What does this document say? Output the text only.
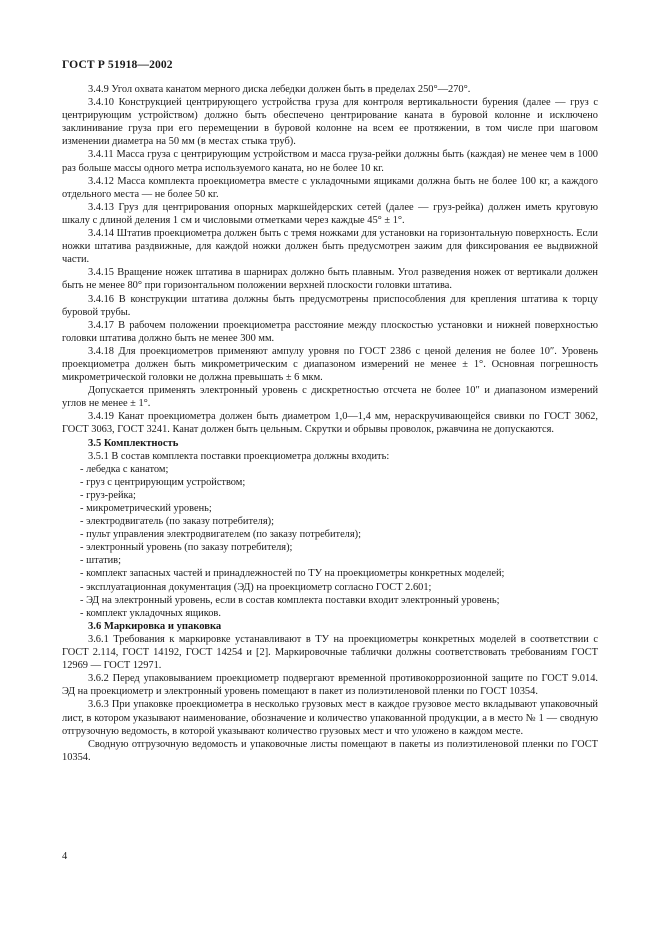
ГОСТ Р 51918—2002

3.4.9 Угол охвата канатом мерного диска лебедки должен быть в пределах 250°—270°.

3.4.10 Конструкцией центрирующего устройства груза для контроля вертикальности бурения (далее — груз с центрирующим устройством) должно быть обеспечено центрирование каната в буровой колонне и исключено заклинивание груза при его перемещении в буровой колонне на всем ее протяжении, в том числе при шаговом изменении диаметра на 50 мм (в местах стыка труб).

3.4.11 Масса груза с центрирующим устройством и масса груза-рейки должны быть (каждая) не менее чем в 1000 раз больше массы одного метра используемого каната, но не более 10 кг.

3.4.12 Масса комплекта проекциометра вместе с укладочными ящиками должна быть не более 100 кг, а каждого отдельного места — не более 50 кг.

3.4.13 Груз для центрирования опорных маркшейдерских сетей (далее — груз-рейка) должен иметь круговую шкалу с длиной деления 1 см и числовыми отметками через каждые 45° ± 1°.

3.4.14 Штатив проекциометра должен быть с тремя ножками для установки на горизонтальную поверхность. Если ножки штатива раздвижные, для каждой ножки должен быть предусмотрен зажим для фиксирования ее выдвижной части.

3.4.15 Вращение ножек штатива в шарнирах должно быть плавным. Угол разведения ножек от вертикали должен быть не менее 80° при горизонтальном положении верхней плоскости головки штатива.

3.4.16 В конструкции штатива должны быть предусмотрены приспособления для крепления штатива к торцу буровой трубы.

3.4.17 В рабочем положении проекциометра расстояние между плоскостью установки и нижней поверхностью головки штатива должно быть не менее 300 мм.

3.4.18 Для проекциометров применяют ампулу уровня по ГОСТ 2386 с ценой деления не более 10″. Уровень проекциометра должен быть микрометрическим с диапазоном измерений не менее ± 1°. Основная погрешность микрометрической головки не должна превышать ± 6 мкм.

Допускается применять электронный уровень с дискретностью отсчета не более 10″ и диапазоном измерений углов не менее ± 1°.

3.4.19 Канат проекциометра должен быть диаметром 1,0—1,4 мм, нераскручивающейся свивки по ГОСТ 3062, ГОСТ 3063, ГОСТ 3241. Канат должен быть цельным. Скрутки и обрывы проволок, ржавчина не допускаются.

3.5 Комплектность

3.5.1 В состав комплекта поставки проекциометра должны входить:

- лебедка с канатом;
- груз с центрирующим устройством;
- груз-рейка;
- микрометрический уровень;
- электродвигатель (по заказу потребителя);
- пульт управления электродвигателем (по заказу потребителя);
- электронный уровень (по заказу потребителя);
- штатив;
- комплект запасных частей и принадлежностей по ТУ на проекциометры конкретных моделей;
- эксплуатационная документация (ЭД) на проекциометр согласно ГОСТ 2.601;
- ЭД на электронный уровень, если в состав комплекта поставки входит электронный уровень;
- комплект укладочных ящиков.
3.6 Маркировка и упаковка

3.6.1 Требования к маркировке устанавливают в ТУ на проекциометры конкретных моделей в соответствии с ГОСТ 2.114, ГОСТ 14192, ГОСТ 14254 и [2]. Маркировочные таблички должны соответствовать требованиям ГОСТ 12969 — ГОСТ 12971.

3.6.2 Перед упаковыванием проекциометр подвергают временной противокоррозионной защите по ГОСТ 9.014. ЭД на проекциометр и электронный уровень помещают в пакет из полиэтиленовой пленки по ГОСТ 10354.

3.6.3 При упаковке проекциометра в несколько грузовых мест в каждое грузовое место вкладывают упаковочный лист, в котором указывают наименование, обозначение и количество упакованной продукции, а в место № 1 — сводную отгрузочную ведомость, в которой указывают количество грузовых мест и что уложено в каждом месте.

Сводную отгрузочную ведомость и упаковочные листы помещают в пакеты из полиэтиленовой пленки по ГОСТ 10354.

4
